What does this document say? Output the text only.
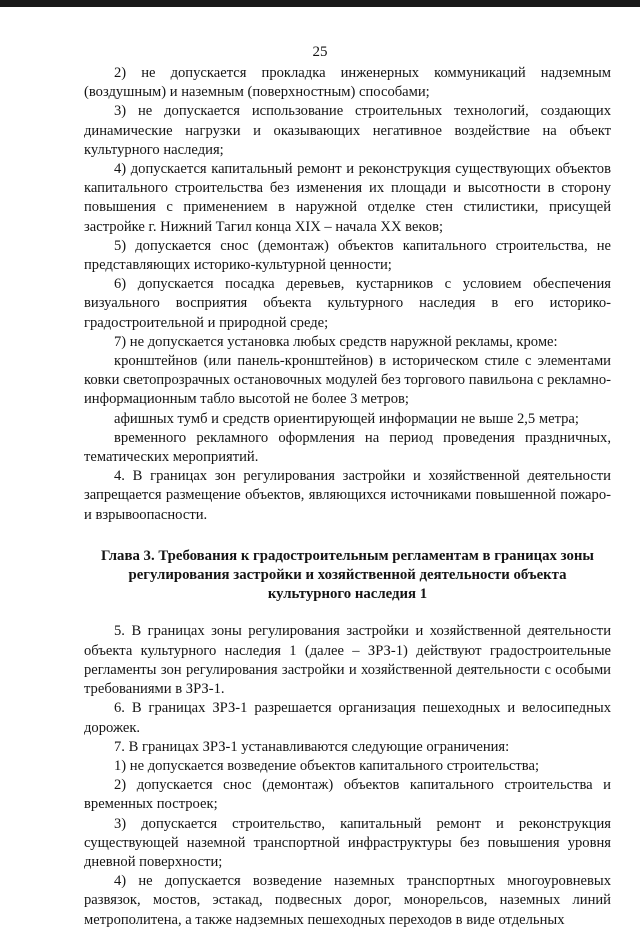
25

2) не допускается прокладка инженерных коммуникаций надземным (воздушным) и наземным (поверхностным) способами;

3) не допускается использование строительных технологий, создающих динамические нагрузки и оказывающих негативное воздействие на объект культурного наследия;

4) допускается капитальный ремонт и реконструкция существующих объектов капитального строительства без изменения их площади и высотности в сторону повышения с применением в наружной отделке стен стилистики, присущей застройке г. Нижний Тагил конца XIX – начала XX веков;

5) допускается снос (демонтаж) объектов капитального строительства, не представляющих историко-культурной ценности;

6) допускается посадка деревьев, кустарников с условием обеспечения визуального восприятия объекта культурного наследия в его историко-градостроительной и природной среде;

7) не допускается установка любых средств наружной рекламы, кроме:

кронштейнов (или панель-кронштейнов) в историческом стиле с элементами ковки светопрозрачных остановочных модулей без торгового павильона с рекламно-информационным табло высотой не более 3 метров;

афишных тумб и средств ориентирующей информации не выше 2,5 метра;

временного рекламного оформления на период проведения праздничных, тематических мероприятий.

4. В границах зон регулирования застройки и хозяйственной деятельности запрещается размещение объектов, являющихся источниками повышенной пожаро- и взрывоопасности.

Глава 3. Требования к градостроительным регламентам в границах зоны регулирования застройки и хозяйственной деятельности объекта культурного наследия 1

5. В границах зоны регулирования застройки и хозяйственной деятельности объекта культурного наследия 1 (далее – ЗРЗ-1) действуют градостроительные регламенты зон регулирования застройки и хозяйственной деятельности с особыми требованиями в ЗРЗ-1.

6. В границах ЗРЗ-1 разрешается организация пешеходных и велосипедных дорожек.

7. В границах ЗРЗ-1 устанавливаются следующие ограничения:

1) не допускается возведение объектов капитального строительства;

2) допускается снос (демонтаж) объектов капитального строительства и временных построек;

3) допускается строительство, капитальный ремонт и реконструкция существующей наземной транспортной инфраструктуры без повышения уровня дневной поверхности;

4) не допускается возведение наземных транспортных многоуровневых развязок, мостов, эстакад, подвесных дорог, монорельсов, наземных линий метрополитена, а также надземных пешеходных переходов в виде отдельных
